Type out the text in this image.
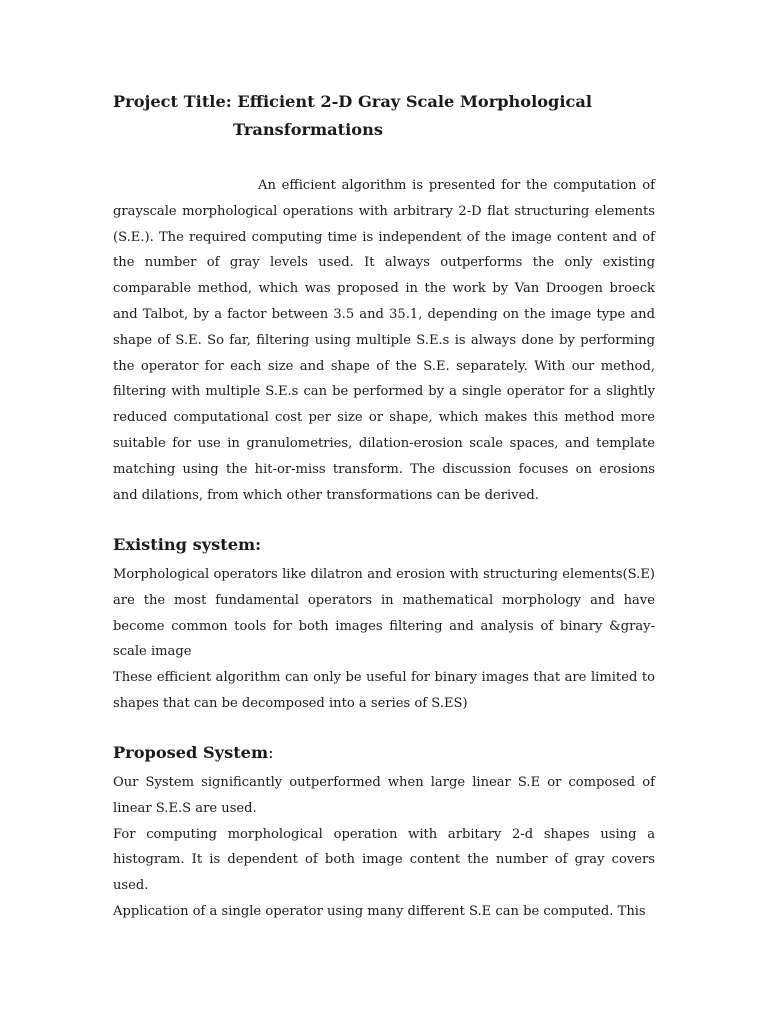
Project Title: Efficient 2-D Gray Scale Morphological
Transformations

An efficient algorithm is presented for the computation of grayscale morphological operations with arbitrary 2-D flat structuring elements (S.E.). The required computing time is independent of the image content and of the number of gray levels used. It always outperforms the only existing comparable method, which was proposed in the work by Van Droogen broeck and Talbot, by a factor between 3.5 and 35.1, depending on the image type and shape of S.E. So far, filtering using multiple S.E.s is always done by performing the operator for each size and shape of the S.E. separately. With our method, filtering with multiple S.E.s can be performed by a single operator for a slightly reduced computational cost per size or shape, which makes this method more suitable for use in granulometries, dilation-erosion scale spaces, and template matching using the hit-or-miss transform. The discussion focuses on erosions and dilations, from which other transformations can be derived.

Existing system:

Morphological operators like dilatron and erosion with structuring elements(S.E) are the most fundamental operators in mathematical morphology and have become common tools for both images filtering and analysis of binary &gray-scale image

These efficient algorithm can only be useful for binary images that are limited to shapes that can be decomposed into a series of S.ES)

Proposed System:

Our System significantly outperformed when large linear S.E or composed of linear S.E.S are used.

For computing morphological operation with arbitary 2-d shapes using a histogram. It is dependent of both image content the number of gray covers used.

Application of a single operator using many different S.E can be computed. This
